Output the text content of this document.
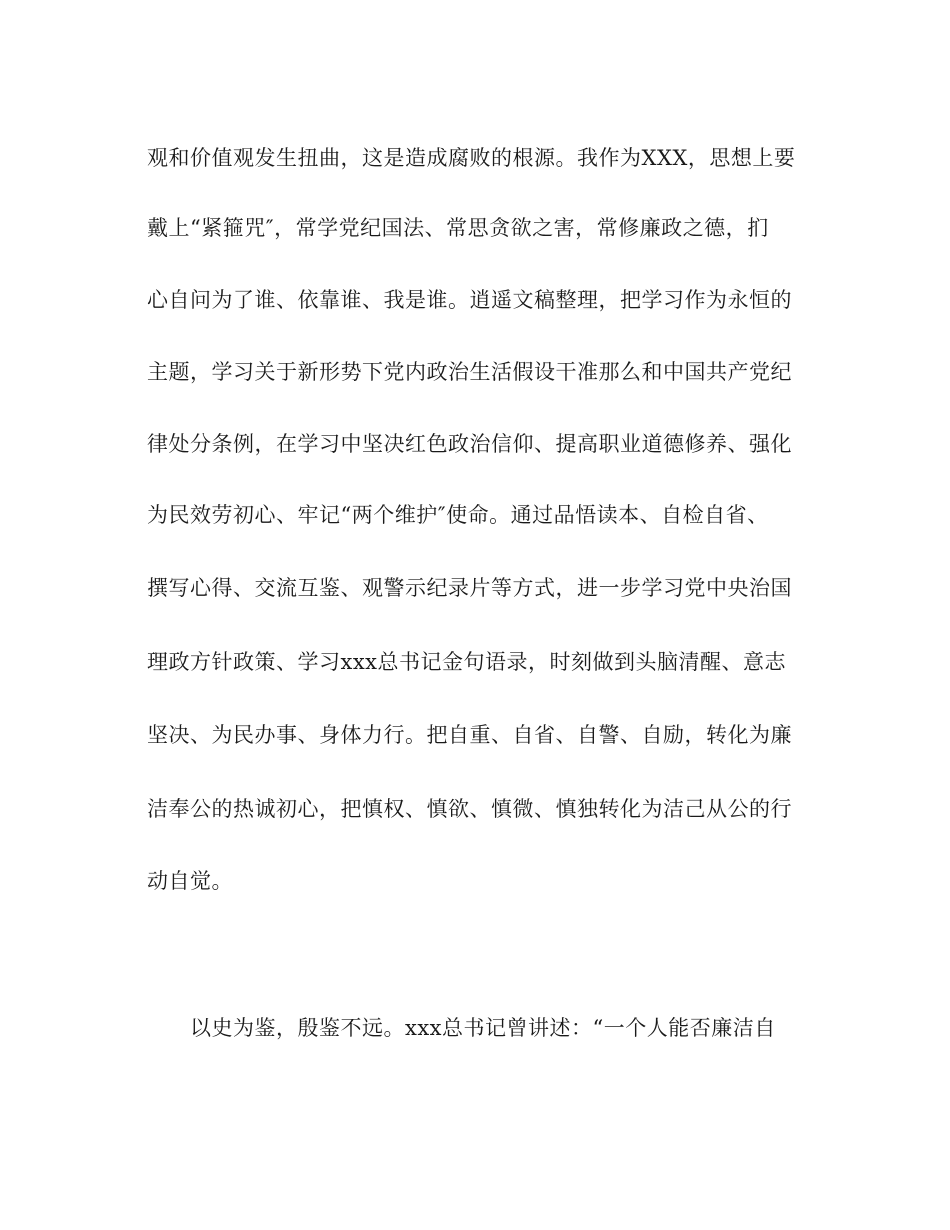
观和价值观发生扭曲，这是造成腐败的根源。我作为XXX，思想上要
戴上“紧箍咒″，常学党纪国法、常思贪欲之害，常修廉政之德，扪
心自问为了谁、依靠谁、我是谁。逍遥文稿整理，把学习作为永恒的
主题，学习关于新形势下党内政治生活假设干准那么和中国共产党纪
律处分条例，在学习中坚决红色政治信仰、提高职业道德修养、强化
为民效劳初心、牢记“两个维护″使命。通过品悟读本、自检自省、
撰写心得、交流互鉴、观警示纪录片等方式，进一步学习党中央治国
理政方针政策、学习xxx总书记金句语录，时刻做到头脑清醒、意志
坚决、为民办事、身体力行。把自重、自省、自警、自励，转化为廉
洁奉公的热诚初心，把慎权、慎欲、慎微、慎独转化为洁己从公的行
动自觉。
以史为鉴，殷鉴不远。xxx总书记曾讲述：“一个人能否廉洁自
